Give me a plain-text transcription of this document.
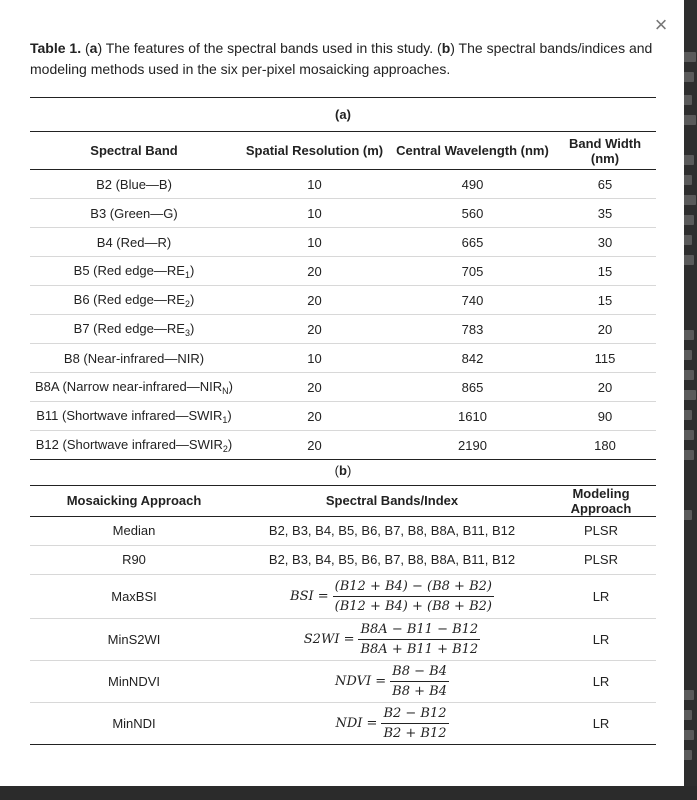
×
Table 1. (a) The features of the spectral bands used in this study. (b) The spectral bands/indices and modeling methods used in the six per-pixel mosaicking approaches.
(a)			
Spectral Band	Spatial Resolution (m)	Central Wavelength (nm)	Band Width (nm)
B2 (Blue—B)	10	490	65
B3 (Green—G)	10	560	35
B4 (Red—R)	10	665	30
B5 (Red $edge—RE_1$)	20	705	15
B6 (Red $edge—RE_2$)	20	740	15
B7 (Red $edge—RE_3$)	20	783	20
B8 (Near-infrared—NIR)	10	842	115
B8A (Narrow near-$infrared—NIR_N$)	20	865	20
B11 (Shortwave $infrared—SWIR_1$)	20	1610	90
B12 (Shortwave $infrared—SWIR_2$)	20	2190	180
(b)		
Mosaicking Approach	Spectral Bands/Index	Modeling Approach
Median	B2, B3, B4, B5, B6, B7, B8, B8A, B11, B12	PLSR
R90	B2, B3, B4, B5, B6, B7, B8, B8A, B11, B12	PLSR
MaxBSI	BSI = $\frac{(B12 + B4) - (B8 + B2)}{(B12 + B4) + (B8 + B2)}$	LR
MinS2WI	$S2WI = \frac{B8A - B11 - B12}{B8A + B11 + B12}$	LR
MinNDVI	NDVI = $\frac{B8 - B4}{B8 + B4}$	LR
MinNDI	NDI = $\frac{B2 - B12}{B2 + B12}$	LR
